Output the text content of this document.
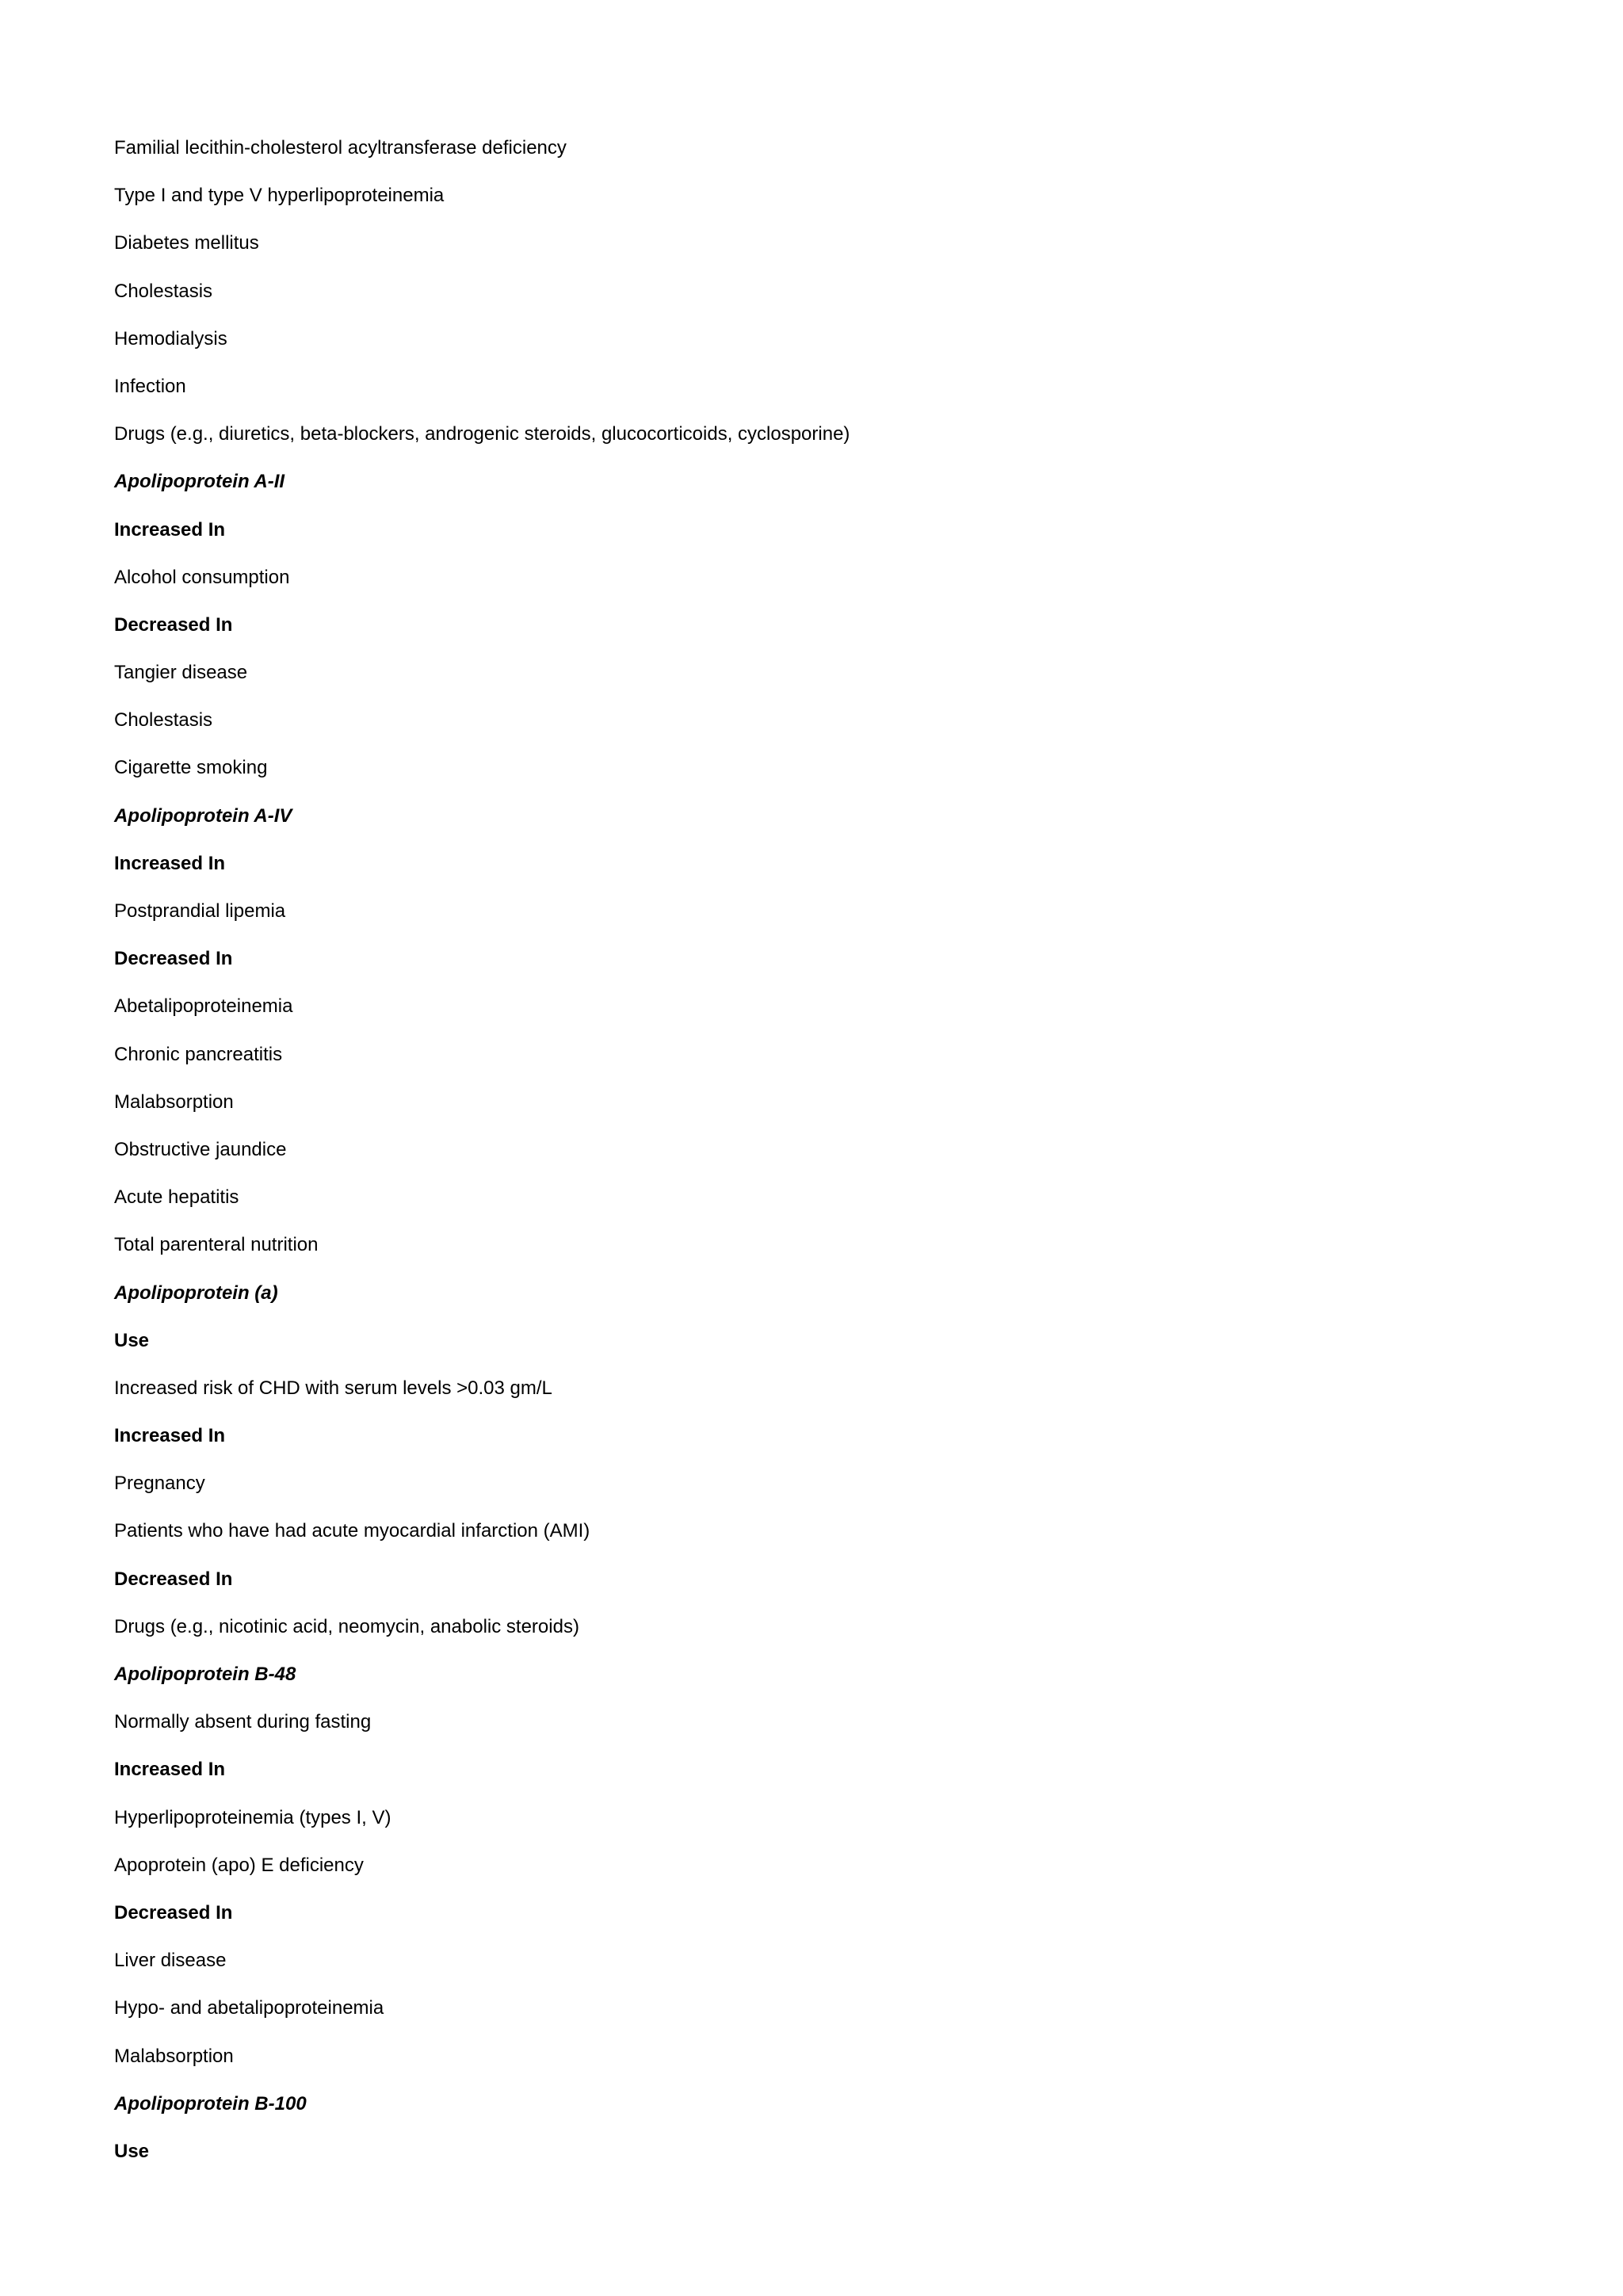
Familial lecithin-cholesterol acyltransferase deficiency
Type I and type V hyperlipoproteinemia
Diabetes mellitus
Cholestasis
Hemodialysis
Infection
Drugs (e.g., diuretics, beta-blockers, androgenic steroids, glucocorticoids, cyclosporine)
Apolipoprotein A-II
Increased In
Alcohol consumption
Decreased In
Tangier disease
Cholestasis
Cigarette smoking
Apolipoprotein A-IV
Increased In
Postprandial lipemia
Decreased In
Abetalipoproteinemia
Chronic pancreatitis
Malabsorption
Obstructive jaundice
Acute hepatitis
Total parenteral nutrition
Apolipoprotein (a)
Use
Increased risk of CHD with serum levels >0.03 gm/L
Increased In
Pregnancy
Patients who have had acute myocardial infarction (AMI)
Decreased In
Drugs (e.g., nicotinic acid, neomycin, anabolic steroids)
Apolipoprotein B-48
Normally absent during fasting
Increased In
Hyperlipoproteinemia (types I, V)
Apoprotein (apo) E deficiency
Decreased In
Liver disease
Hypo- and abetalipoproteinemia
Malabsorption
Apolipoprotein B-100
Use
